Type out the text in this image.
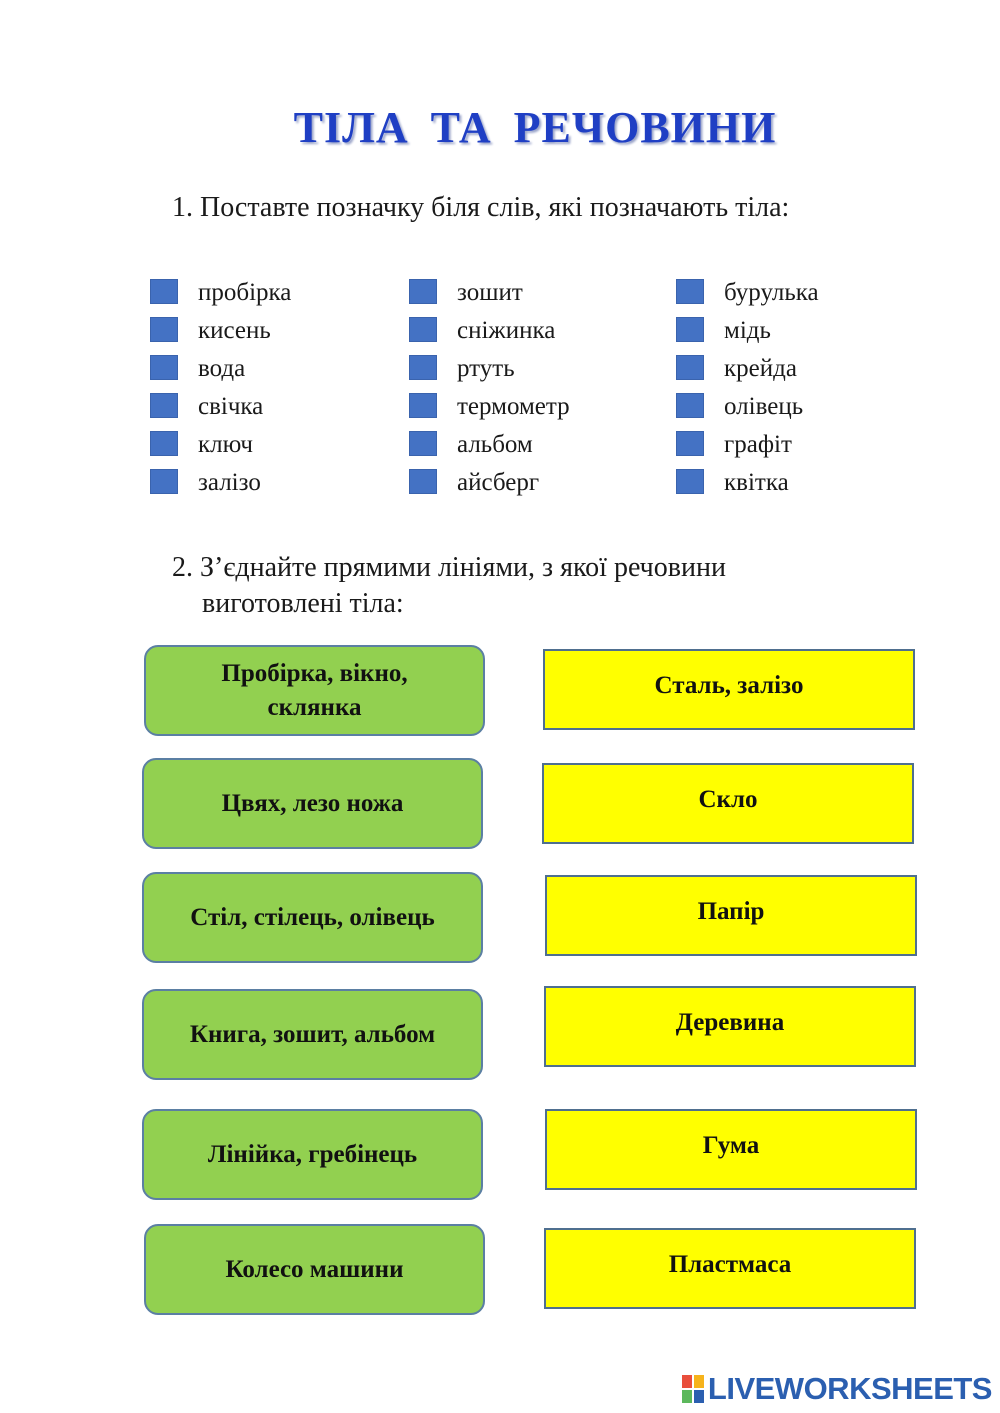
ТІЛА ТА РЕЧОВИНИ
1. Поставте позначку біля слів, які позначають тіла:
пробірка
кисень
вода
свічка
ключ
залізо
зошит
сніжинка
ртуть
термометр
альбом
айсберг
бурулька
мідь
крейда
олівець
графіт
квітка
2. З’єднайте прямими лініями, з якої речовини
виготовлені тіла:
Пробірка, вікно, склянка
Цвях, лезо ножа
Стіл, стілець, олівець
Книга, зошит, альбом
Лінійка, гребінець
Колесо машини
Сталь, залізо
Скло
Папір
Деревина
Гума
Пластмаса
LIVEWORKSHEETS
